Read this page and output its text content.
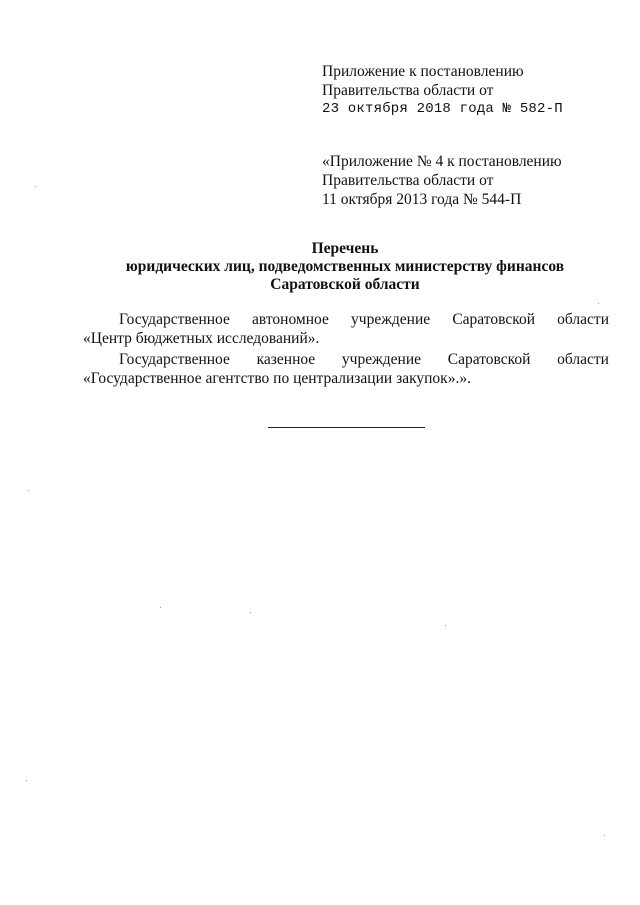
Приложение к постановлению
Правительства области от
23 октября 2018 года № 582-П
«Приложение № 4 к постановлению
Правительства области от
11 октября 2013 года № 544-П
Перечень
юридических лиц, подведомственных министерству финансов
Саратовской области
Государственное автономное учреждение Саратовской области
«Центр бюджетных исследований».
Государственное казенное учреждение Саратовской области
«Государственное агентство по централизации закупок».».
